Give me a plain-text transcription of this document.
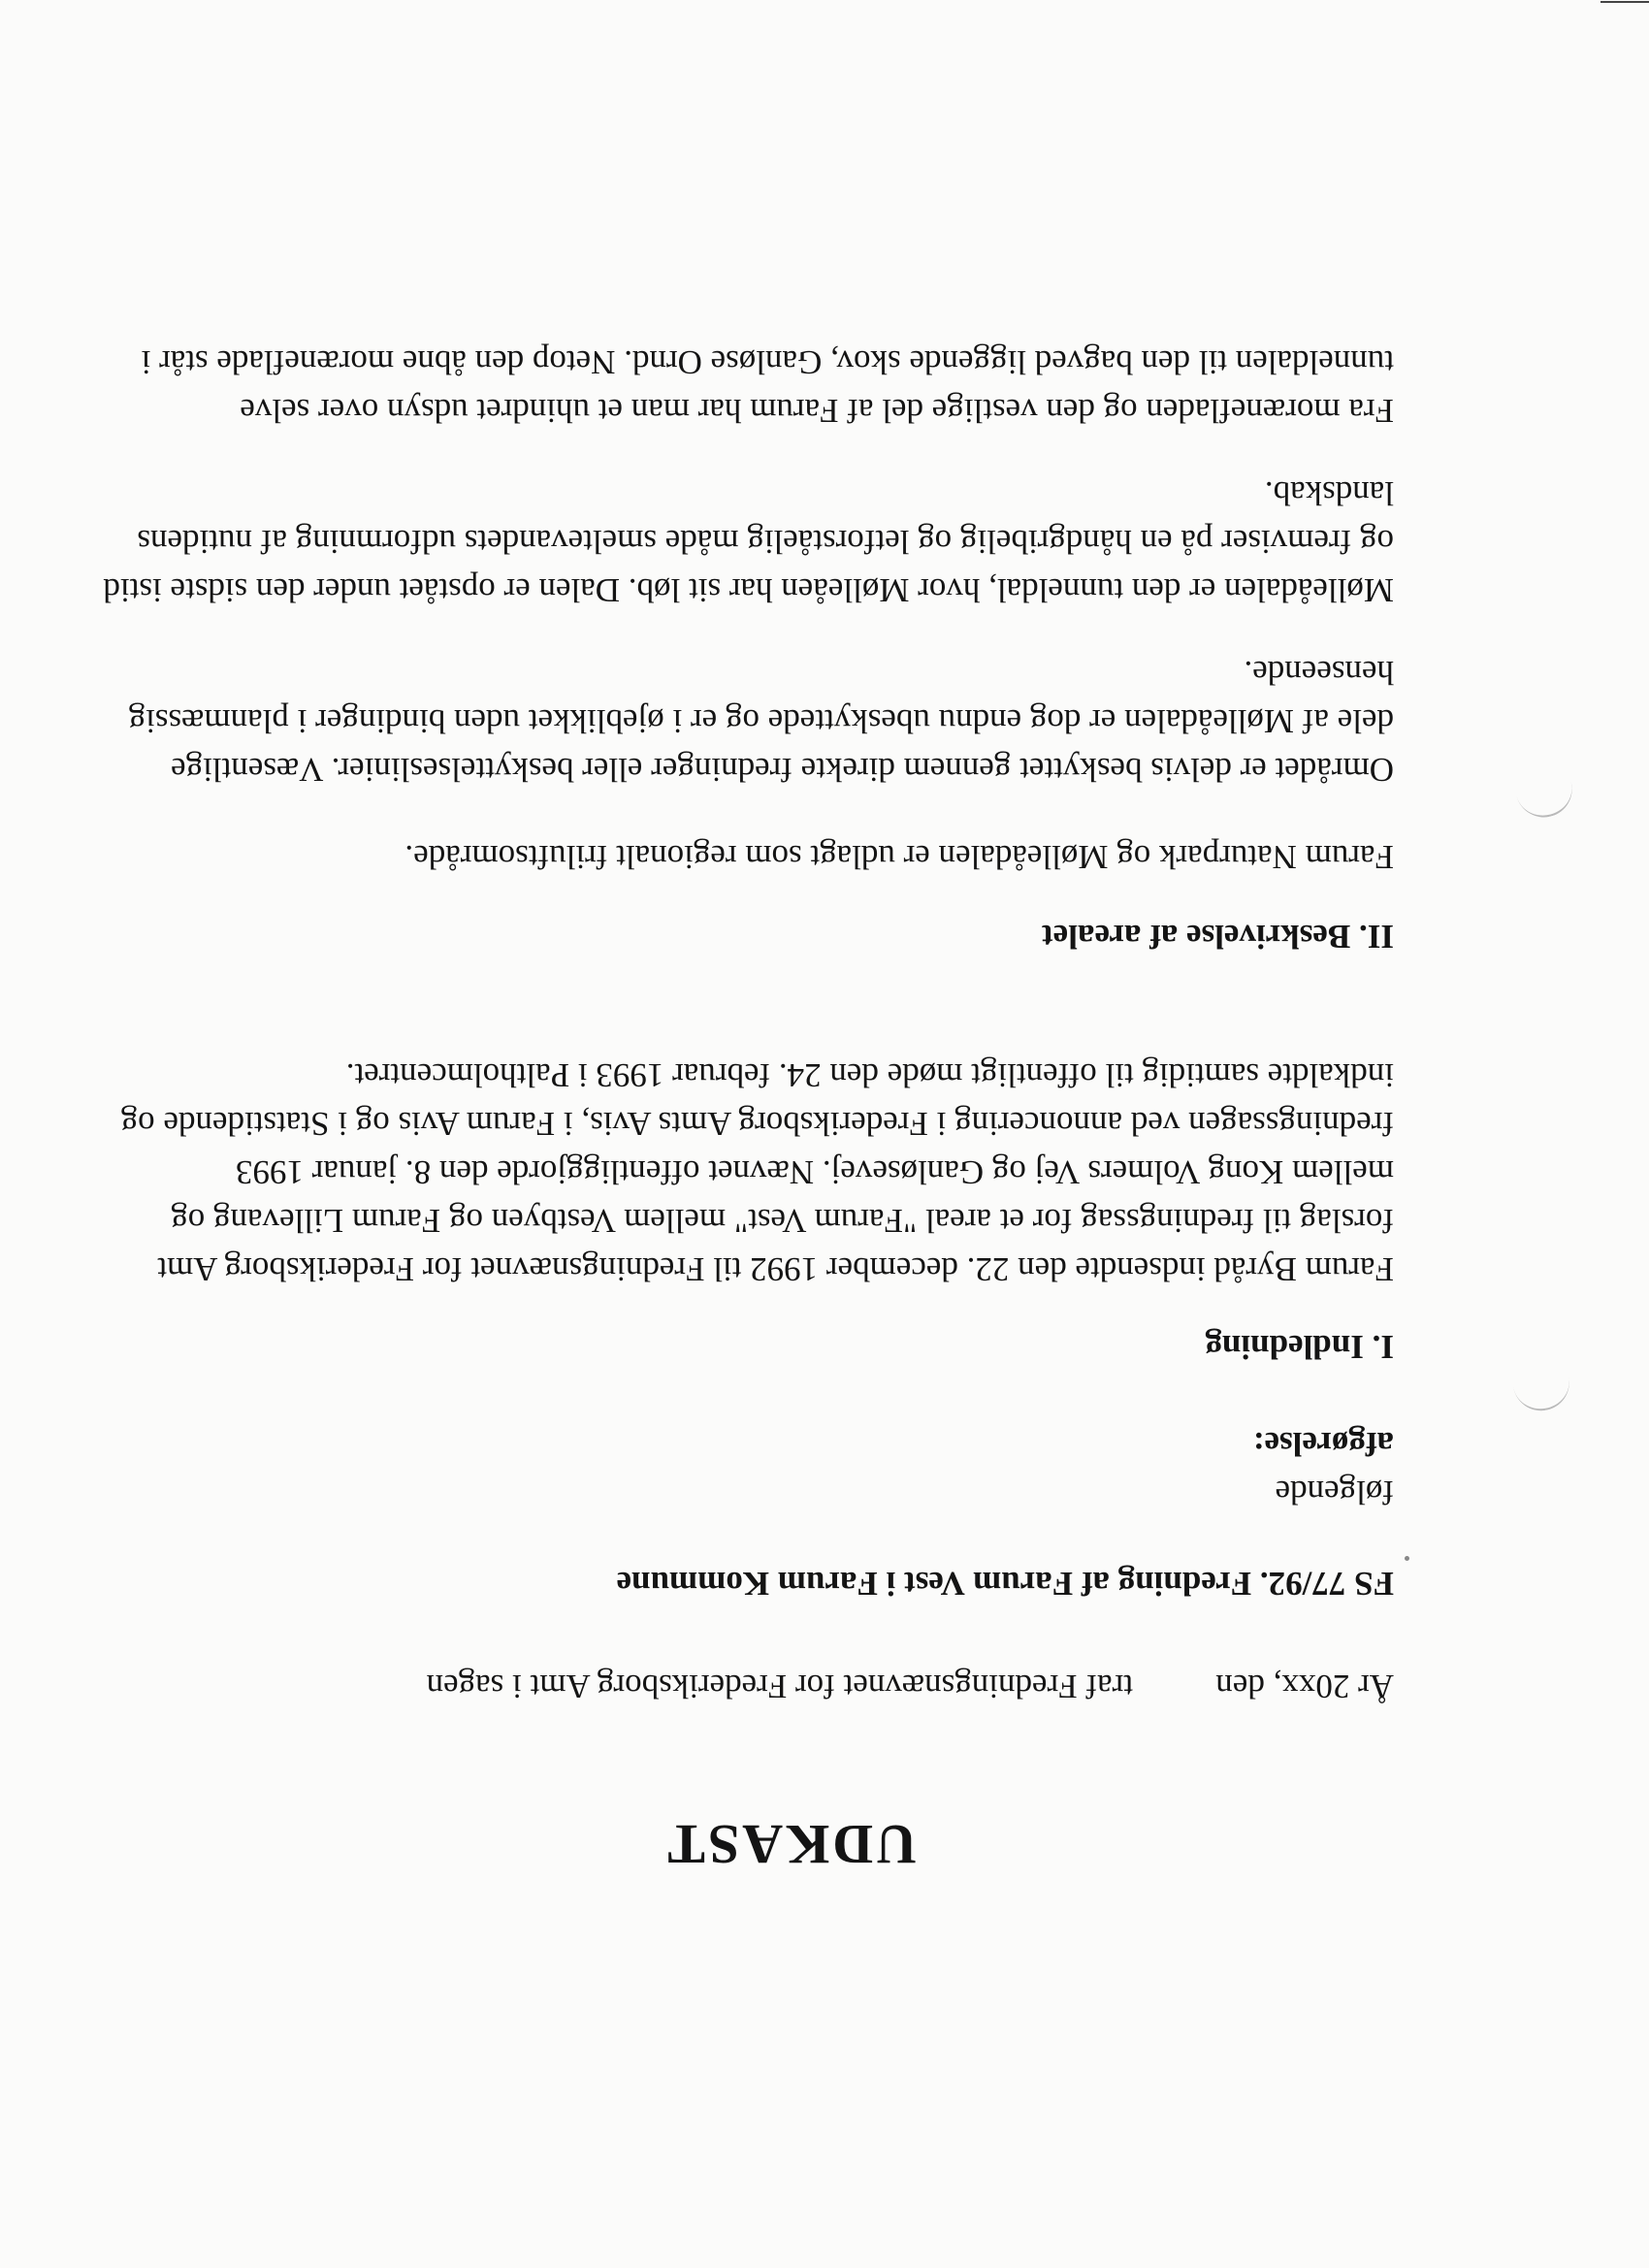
UDKAST
År 20xx, den
traf Fredningsnævnet for Frederiksborg Amt i sagen
FS 77/92. Fredning af Farum Vest i Farum Kommune
følgende
afgørelse:
I. Indledning
Farum Byråd indsendte den 22. december 1992 til Fredningsnævnet for Frederiksborg Amt
forslag til fredningssag for et areal "Farum Vest" mellem Vestbyen og Farum Lillevang og
mellem Kong Volmers Vej og Ganløsevej. Nævnet offentliggjorde den 8. januar 1993
fredningssagen ved annoncering i Frederiksborg Amts Avis, i Farum Avis og i Statstidende og
indkaldte samtidig til offentligt møde den 24. februar 1993 i Paltholmcentret.
II. Beskrivelse af arealet
Farum Naturpark og Mølleådalen er udlagt som regionalt friluftsområde.
Området er delvis beskyttet gennem direkte fredninger eller beskyttelseslinier. Væsentlige
dele af Mølleådalen er dog endnu ubeskyttede og er i øjeblikket uden bindinger i planmæssig
henseende.
Mølleådalen er den tunneldal, hvor Mølleåen har sit løb. Dalen er opstået under den sidste istid
og fremviser på en håndgribelig og letforståelig måde smeltevandets udformning af nutidens
landskab.
Fra morænefladen og den vestlige del af Farum har man et uhindret udsyn over selve
tunneldalen til den bagved liggende skov, Ganløse Ornd. Netop den åbne moræneflade står i
